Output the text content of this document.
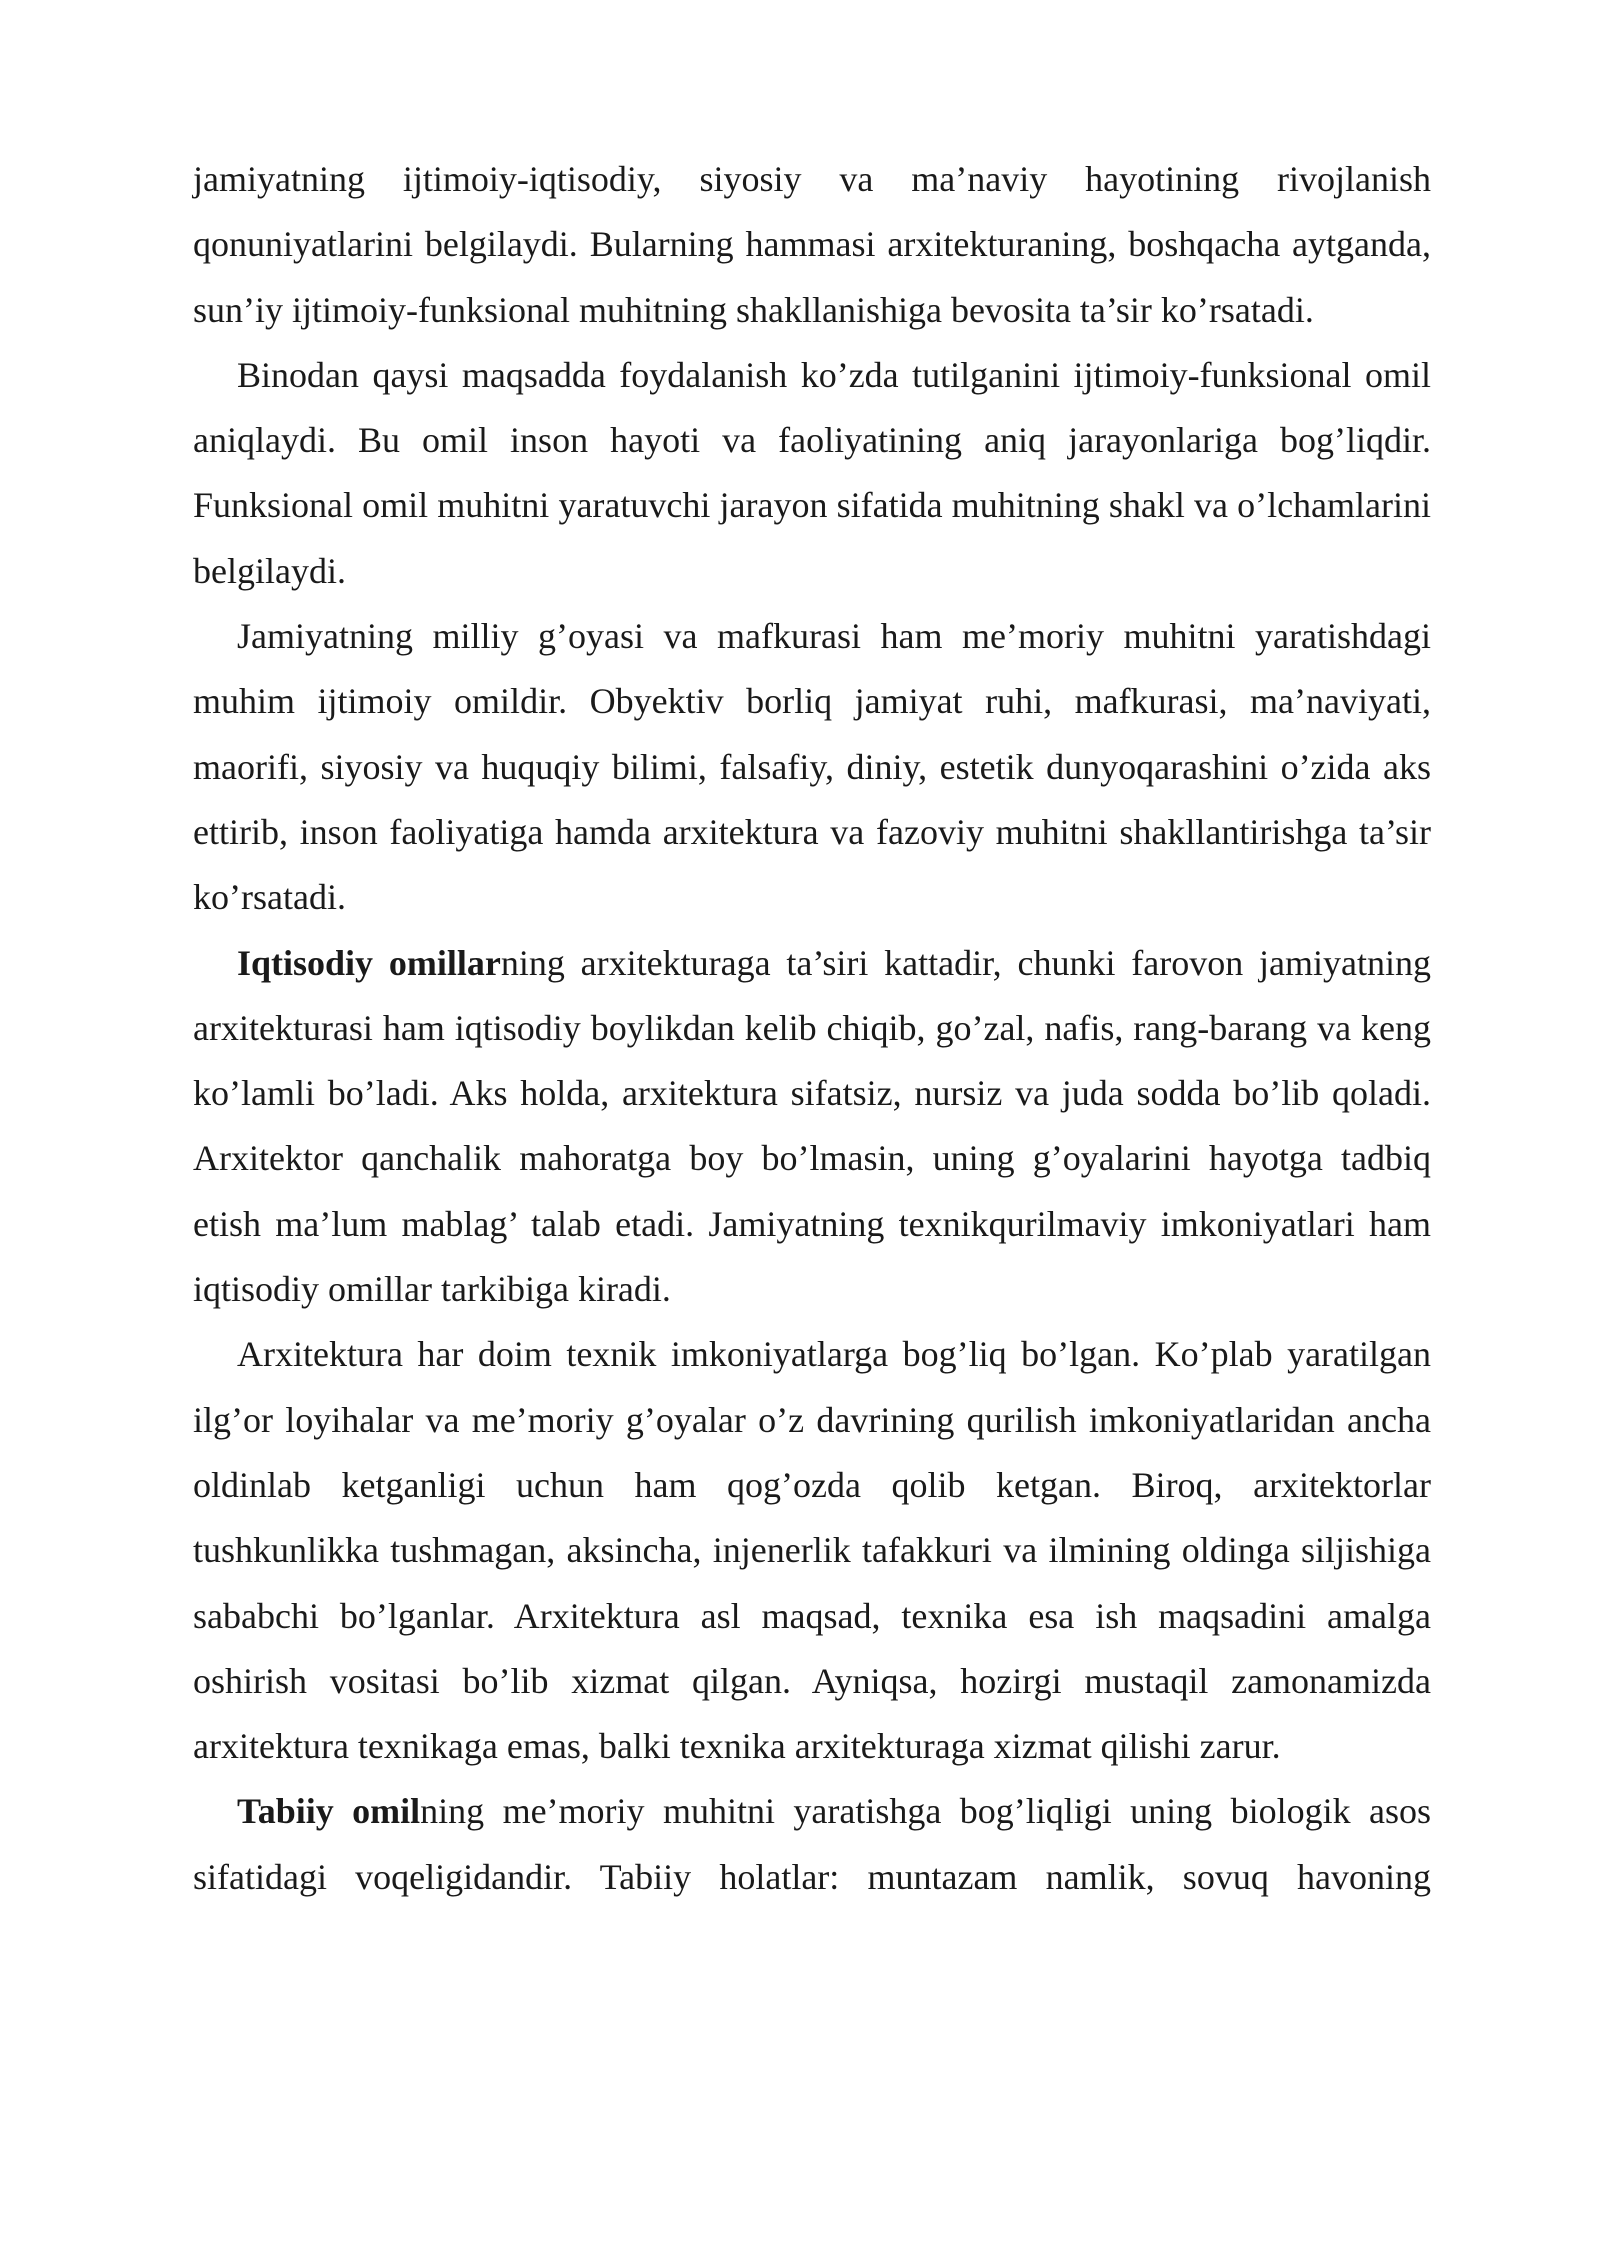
jamiyatning ijtimoiy-iqtisodiy, siyosiy va ma’naviy hayotining rivojlanish qonuniyatlarini belgilaydi. Bularning hammasi arxitekturaning, boshqacha aytganda, sun’iy ijtimoiy-funksional muhitning shakllanishiga bevosita ta’sir ko’rsatadi.

Binodan qaysi maqsadda foydalanish ko’zda tutilganini ijtimoiy-funksional omil aniqlaydi. Bu omil inson hayoti va faoliyatining aniq jarayonlariga bog’liqdir. Funksional omil muhitni yaratuvchi jarayon sifatida muhitning shakl va o’lchamlarini belgilaydi.

Jamiyatning milliy g’oyasi va mafkurasi ham me’moriy muhitni yaratishdagi muhim ijtimoiy omildir. Obyektiv borliq jamiyat ruhi, mafkurasi, ma’naviyati, maorifi, siyosiy va huquqiy bilimi, falsafiy, diniy, estetik dunyoqarashini o’zida aks ettirib, inson faoliyatiga hamda arxitektura va fazoviy muhitni shakllantirishga ta’sir ko’rsatadi.

Iqtisodiy omillarning arxitekturaga ta’siri kattadir, chunki farovon jamiyatning arxitekturasi ham iqtisodiy boylikdan kelib chiqib, go’zal, nafis, rang-barang va keng ko’lamli bo’ladi. Aks holda, arxitektura sifatsiz, nursiz va juda sodda bo’lib qoladi. Arxitektor qanchalik mahoratga boy bo’lmasin, uning g’oyalarini hayotga tadbiq etish ma’lum mablag’ talab etadi. Jamiyatning texnikqurilmaviy imkoniyatlari ham iqtisodiy omillar tarkibiga kiradi.

Arxitektura har doim texnik imkoniyatlarga bog’liq bo’lgan. Ko’plab yaratilgan ilg’or loyihalar va me’moriy g’oyalar o’z davrining qurilish imkoniyatlaridan ancha oldinlab ketganligi uchun ham qog’ozda qolib ketgan. Biroq, arxitektorlar tushkunlikka tushmagan, aksincha, injenerlik tafakkuri va ilmining oldinga siljishiga sababchi bo’lganlar. Arxitektura asl maqsad, texnika esa ish maqsadini amalga oshirish vositasi bo’lib xizmat qilgan. Ayniqsa, hozirgi mustaqil zamonamizda arxitektura texnikaga emas, balki texnika arxitekturaga xizmat qilishi zarur.

Tabiiy omilning me’moriy muhitni yaratishga bog’liqligi uning biologik asos sifatidagi voqeligidandir. Tabiiy holatlar: muntazam namlik, sovuq havoning
